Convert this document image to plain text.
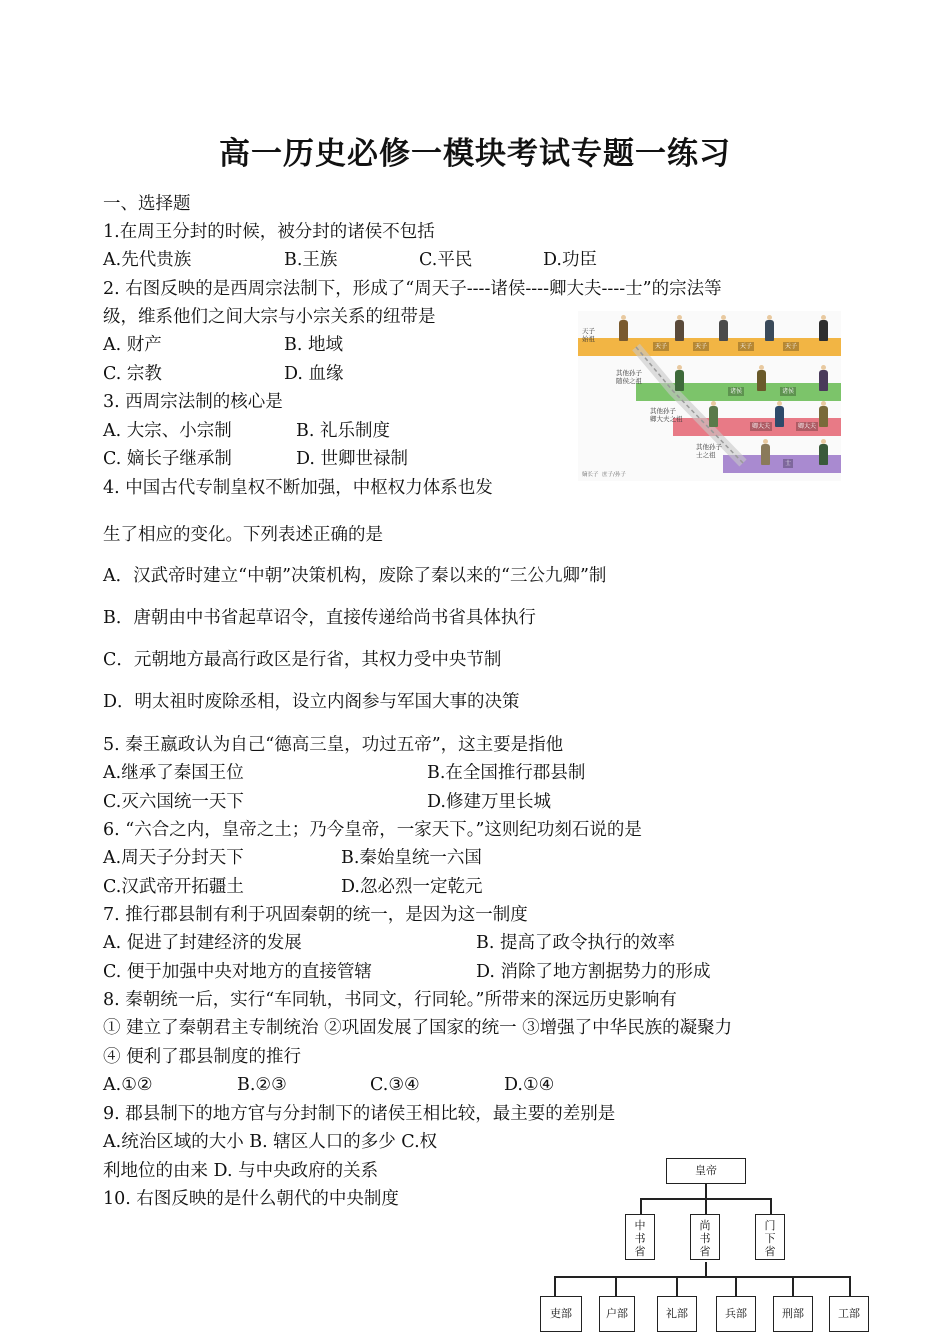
高一历史必修一模块考试专题一练习
一、选择题
1.在周王分封的时候，被分封的诸侯不包括
A.先代贵族	B.王族	C.平民	D.功臣
2. 右图反映的是西周宗法制下，形成了“周天子----诸侯----卿大夫----士”的宗法等
级，维系他们之间大宗与小宗关系的纽带是
A. 财产	B. 地域
C. 宗教	D. 血缘
3. 西周宗法制的核心是
A. 大宗、小宗制	B. 礼乐制度
C. 嫡长子继承制	D. 世卿世禄制
4. 中国古代专制皇权不断加强，中枢权力体系也发
生了相应的变化。下列表述正确的是
A．汉武帝时建立“中朝”决策机构，废除了秦以来的“三公九卿”制
B．唐朝由中书省起草诏令，直接传递给尚书省具体执行
C．元朝地方最高行政区是行省，其权力受中央节制
D．明太祖时废除丞相，设立内阁参与军国大事的决策
5. 秦王嬴政认为自己“德高三皇，功过五帝”，这主要是指他
A.继承了秦国王位	B.在全国推行郡县制
C.灭六国统一天下	D.修建万里长城
6. “六合之内，皇帝之土；乃今皇帝，一家天下。”这则纪功刻石说的是
A.周天子分封天下	B.秦始皇统一六国
C.汉武帝开拓疆土	D.忽必烈一定乾元
7. 推行郡县制有利于巩固秦朝的统一，是因为这一制度
A. 促进了封建经济的发展	B. 提高了政令执行的效率
C. 便于加强中央对地方的直接管辖	D. 消除了地方割据势力的形成
8. 秦朝统一后，实行“车同轨，书同文，行同轮。”所带来的深远历史影响有
① 建立了秦朝君主专制统治 ②巩固发展了国家的统一 ③增强了中华民族的凝聚力
④ 便利了郡县制度的推行
A.①②	B.②③	C.③④	D.①④
9. 郡县制下的地方官与分封制下的诸侯王相比较，最主要的差别是
A.统治区域的大小 B. 辖区人口的多少 C.权
利地位的由来 D. 与中央政府的关系
10. 右图反映的是什么朝代的中央制度
天子
始祖
其他孙子
随侯之祖
其他孙子
卿大夫之祖
其他孙子
士之祖
天子	天子	天子	天子
诸侯	诸侯
卿大夫	卿大夫
士
嫡长子  庶子/孙子
皇帝
中书省
尚书省
门下省
吏部	户部	礼部	兵部	刑部	工部
